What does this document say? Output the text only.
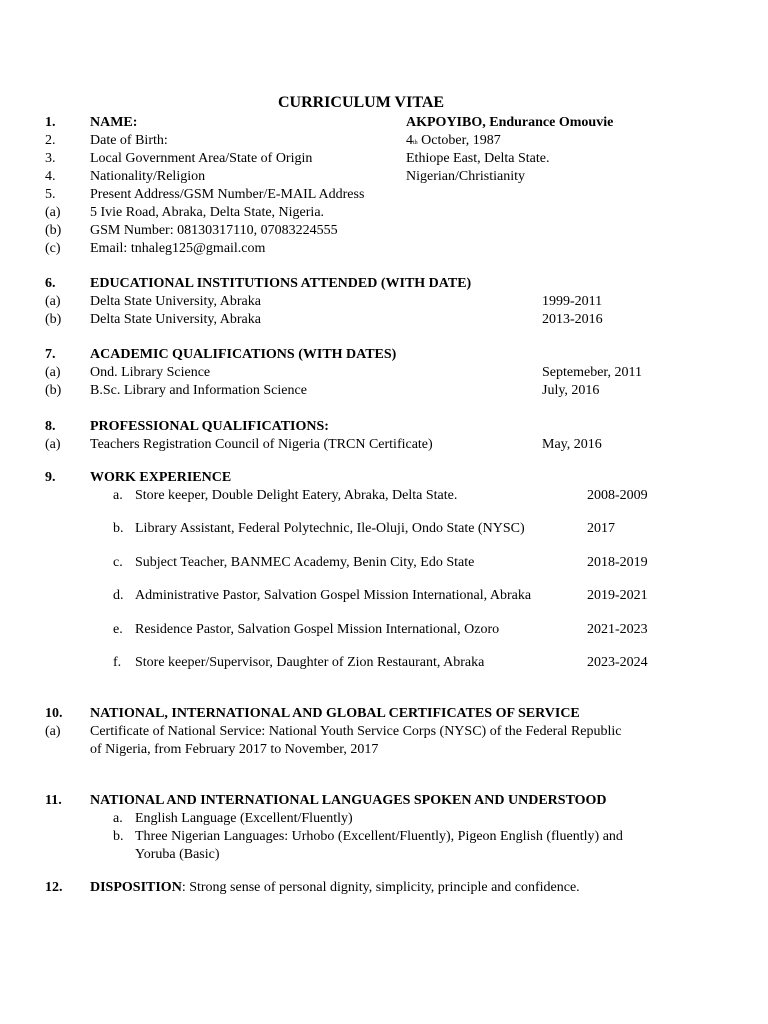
CURRICULUM VITAE
1. NAME:	AKPOYIBO, Endurance Omouvie
2. Date of Birth:	4th October, 1987
3. Local Government Area/State of Origin	Ethiope East, Delta State.
4. Nationality/Religion	Nigerian/Christianity
5. Present Address/GSM Number/E-MAIL Address
(a) 5 Ivie Road, Abraka, Delta State, Nigeria.
(b) GSM Number: 08130317110, 07083224555
(c) Email: tnhaleg125@gmail.com
6. EDUCATIONAL INSTITUTIONS ATTENDED (WITH DATE)
(a) Delta State University, Abraka	1999-2011
(b) Delta State University, Abraka	2013-2016
7. ACADEMIC QUALIFICATIONS (WITH DATES)
(a) Ond. Library Science	Septemeber, 2011
(b) B.Sc. Library and Information Science	July, 2016
8. PROFESSIONAL QUALIFICATIONS:
(a) Teachers Registration Council of Nigeria (TRCN Certificate)	May, 2016
9. WORK EXPERIENCE
a. Store keeper, Double Delight Eatery, Abraka, Delta State.	2008-2009
b. Library Assistant, Federal Polytechnic, Ile-Oluji, Ondo State (NYSC)	2017
c. Subject Teacher, BANMEC Academy, Benin City, Edo State	2018-2019
d. Administrative Pastor, Salvation Gospel Mission International, Abraka	2019-2021
e. Residence Pastor, Salvation Gospel Mission International, Ozoro	2021-2023
f. Store keeper/Supervisor, Daughter of Zion Restaurant, Abraka	2023-2024
10. NATIONAL, INTERNATIONAL AND GLOBAL CERTIFICATES OF SERVICE
(a) Certificate of National Service: National Youth Service Corps (NYSC) of the Federal Republic
of Nigeria, from February 2017 to November, 2017
11. NATIONAL AND INTERNATIONAL LANGUAGES SPOKEN AND UNDERSTOOD
a. English Language (Excellent/Fluently)
b. Three Nigerian Languages: Urhobo (Excellent/Fluently), Pigeon English (fluently) and
Yoruba (Basic)
12. DISPOSITION: Strong sense of personal dignity, simplicity, principle and confidence.
